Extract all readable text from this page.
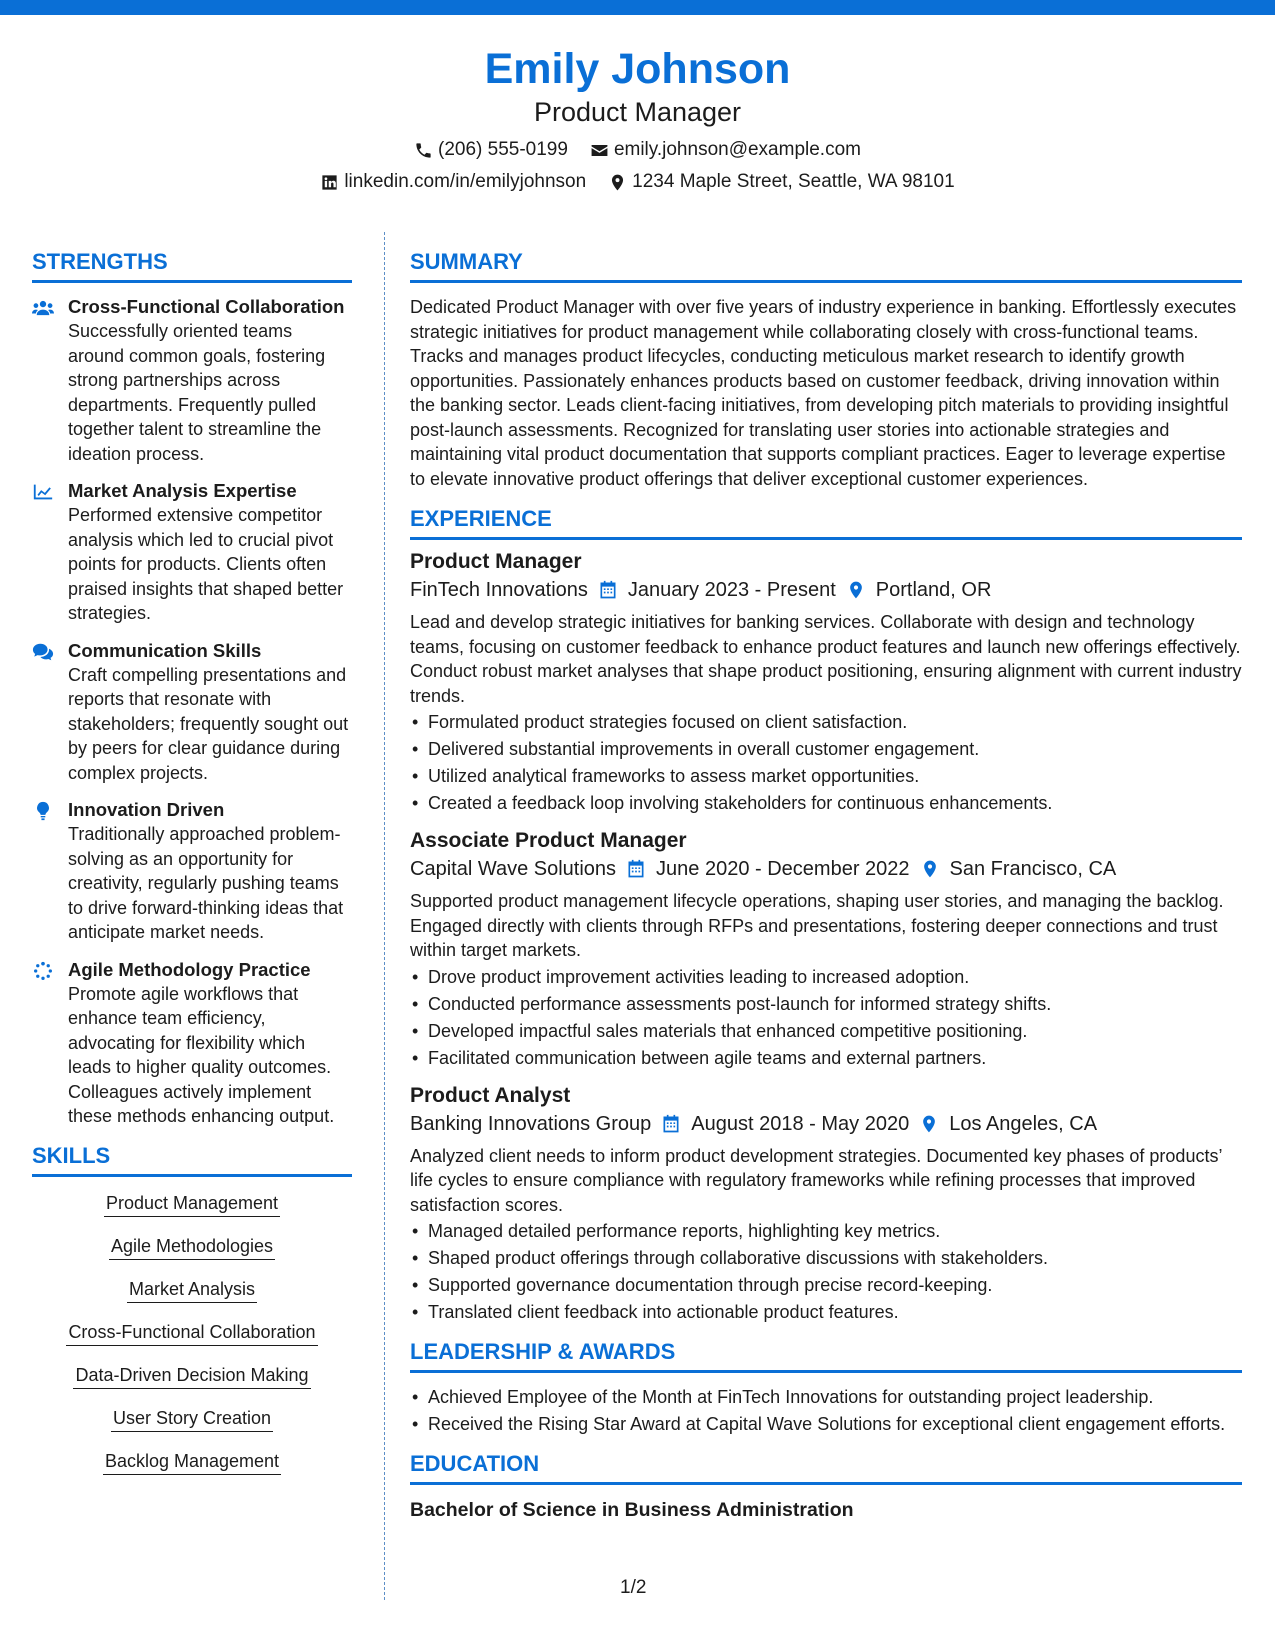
Emily Johnson
Product Manager
(206) 555-0199 emily.johnson@example.com
linkedin.com/in/emilyjohnson 1234 Maple Street, Seattle, WA 98101
STRENGTHS
Cross-Functional Collaboration
Successfully oriented teams around common goals, fostering strong partnerships across departments. Frequently pulled together talent to streamline the ideation process.
Market Analysis Expertise
Performed extensive competitor analysis which led to crucial pivot points for products. Clients often praised insights that shaped better strategies.
Communication Skills
Craft compelling presentations and reports that resonate with stakeholders; frequently sought out by peers for clear guidance during complex projects.
Innovation Driven
Traditionally approached problem-solving as an opportunity for creativity, regularly pushing teams to drive forward-thinking ideas that anticipate market needs.
Agile Methodology Practice
Promote agile workflows that enhance team efficiency, advocating for flexibility which leads to higher quality outcomes. Colleagues actively implement these methods enhancing output.
SKILLS
Product Management
Agile Methodologies
Market Analysis
Cross-Functional Collaboration
Data-Driven Decision Making
User Story Creation
Backlog Management
SUMMARY
Dedicated Product Manager with over five years of industry experience in banking. Effortlessly executes strategic initiatives for product management while collaborating closely with cross-functional teams. Tracks and manages product lifecycles, conducting meticulous market research to identify growth opportunities. Passionately enhances products based on customer feedback, driving innovation within the banking sector. Leads client-facing initiatives, from developing pitch materials to providing insightful post-launch assessments. Recognized for translating user stories into actionable strategies and maintaining vital product documentation that supports compliant practices. Eager to leverage expertise to elevate innovative product offerings that deliver exceptional customer experiences.
EXPERIENCE
Product Manager
FinTech Innovations January 2023 - Present Portland, OR
Lead and develop strategic initiatives for banking services. Collaborate with design and technology teams, focusing on customer feedback to enhance product features and launch new offerings effectively. Conduct robust market analyses that shape product positioning, ensuring alignment with current industry trends.
• Formulated product strategies focused on client satisfaction.
• Delivered substantial improvements in overall customer engagement.
• Utilized analytical frameworks to assess market opportunities.
• Created a feedback loop involving stakeholders for continuous enhancements.
Associate Product Manager
Capital Wave Solutions June 2020 - December 2022 San Francisco, CA
Supported product management lifecycle operations, shaping user stories, and managing the backlog. Engaged directly with clients through RFPs and presentations, fostering deeper connections and trust within target markets.
• Drove product improvement activities leading to increased adoption.
• Conducted performance assessments post-launch for informed strategy shifts.
• Developed impactful sales materials that enhanced competitive positioning.
• Facilitated communication between agile teams and external partners.
Product Analyst
Banking Innovations Group August 2018 - May 2020 Los Angeles, CA
Analyzed client needs to inform product development strategies. Documented key phases of products’ life cycles to ensure compliance with regulatory frameworks while refining processes that improved satisfaction scores.
• Managed detailed performance reports, highlighting key metrics.
• Shaped product offerings through collaborative discussions with stakeholders.
• Supported governance documentation through precise record-keeping.
• Translated client feedback into actionable product features.
LEADERSHIP & AWARDS
• Achieved Employee of the Month at FinTech Innovations for outstanding project leadership.
• Received the Rising Star Award at Capital Wave Solutions for exceptional client engagement efforts.
EDUCATION
Bachelor of Science in Business Administration
1/2
